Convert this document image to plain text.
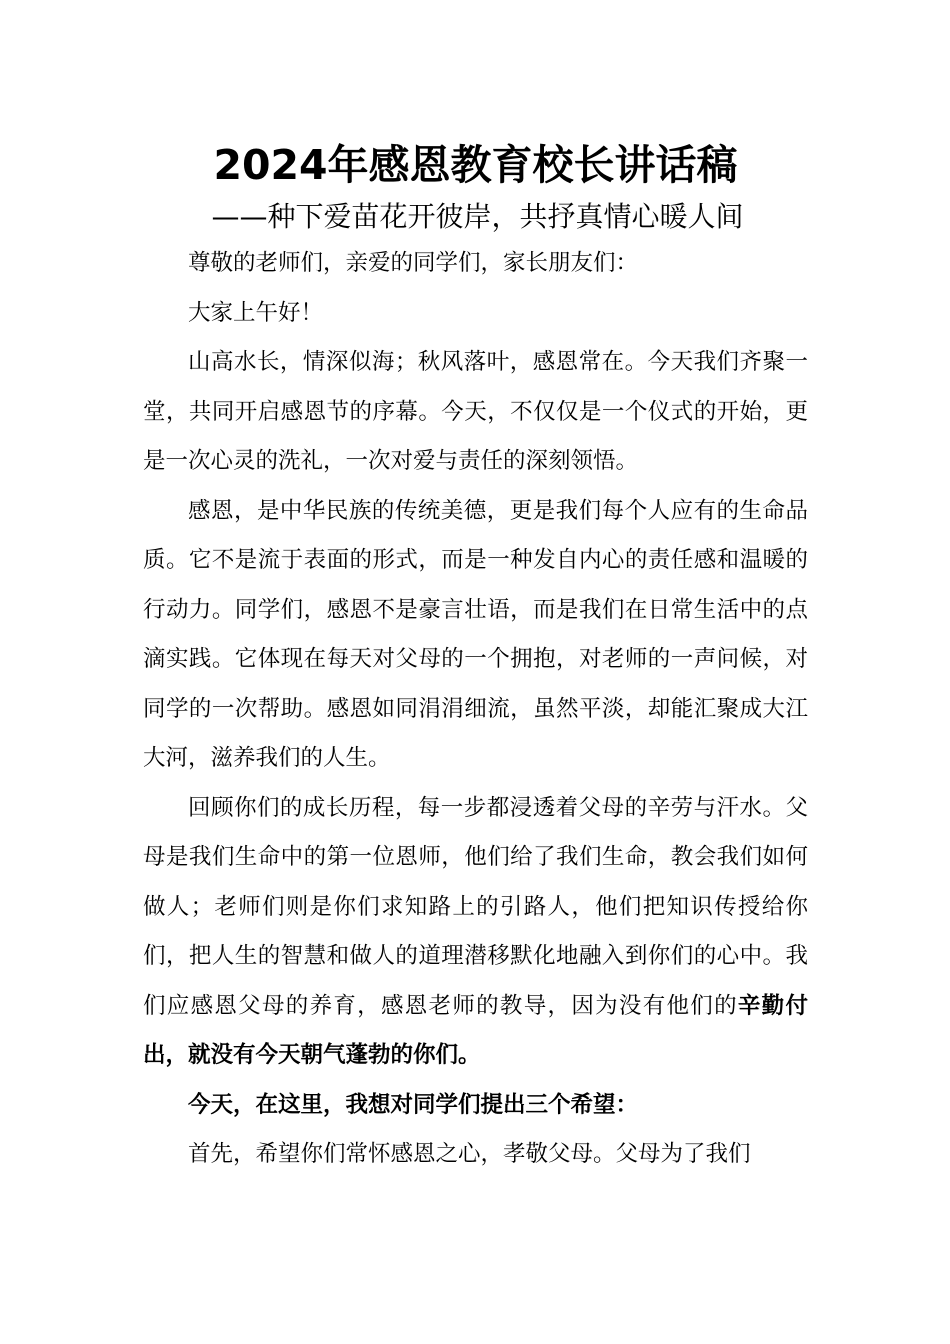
2024年感恩教育校长讲话稿
——种下爱苗花开彼岸，共抒真情心暖人间

尊敬的老师们，亲爱的同学们，家长朋友们：

大家上午好！

山高水长，情深似海；秋风落叶，感恩常在。今天我们齐聚一堂，共同开启感恩节的序幕。今天，不仅仅是一个仪式的开始，更是一次心灵的洗礼，一次对爱与责任的深刻领悟。

感恩，是中华民族的传统美德，更是我们每个人应有的生命品质。它不是流于表面的形式，而是一种发自内心的责任感和温暖的行动力。同学们，感恩不是豪言壮语，而是我们在日常生活中的点滴实践。它体现在每天对父母的一个拥抱，对老师的一声问候，对同学的一次帮助。感恩如同涓涓细流，虽然平淡，却能汇聚成大江大河，滋养我们的人生。

回顾你们的成长历程，每一步都浸透着父母的辛劳与汗水。父母是我们生命中的第一位恩师，他们给了我们生命，教会我们如何做人；老师们则是你们求知路上的引路人，他们把知识传授给你们，把人生的智慧和做人的道理潜移默化地融入到你们的心中。我们应感恩父母的养育，感恩老师的教导，因为没有他们的辛勤付出，就没有今天朝气蓬勃的你们。

今天，在这里，我想对同学们提出三个希望：

首先，希望你们常怀感恩之心，孝敬父母。父母为了我们
